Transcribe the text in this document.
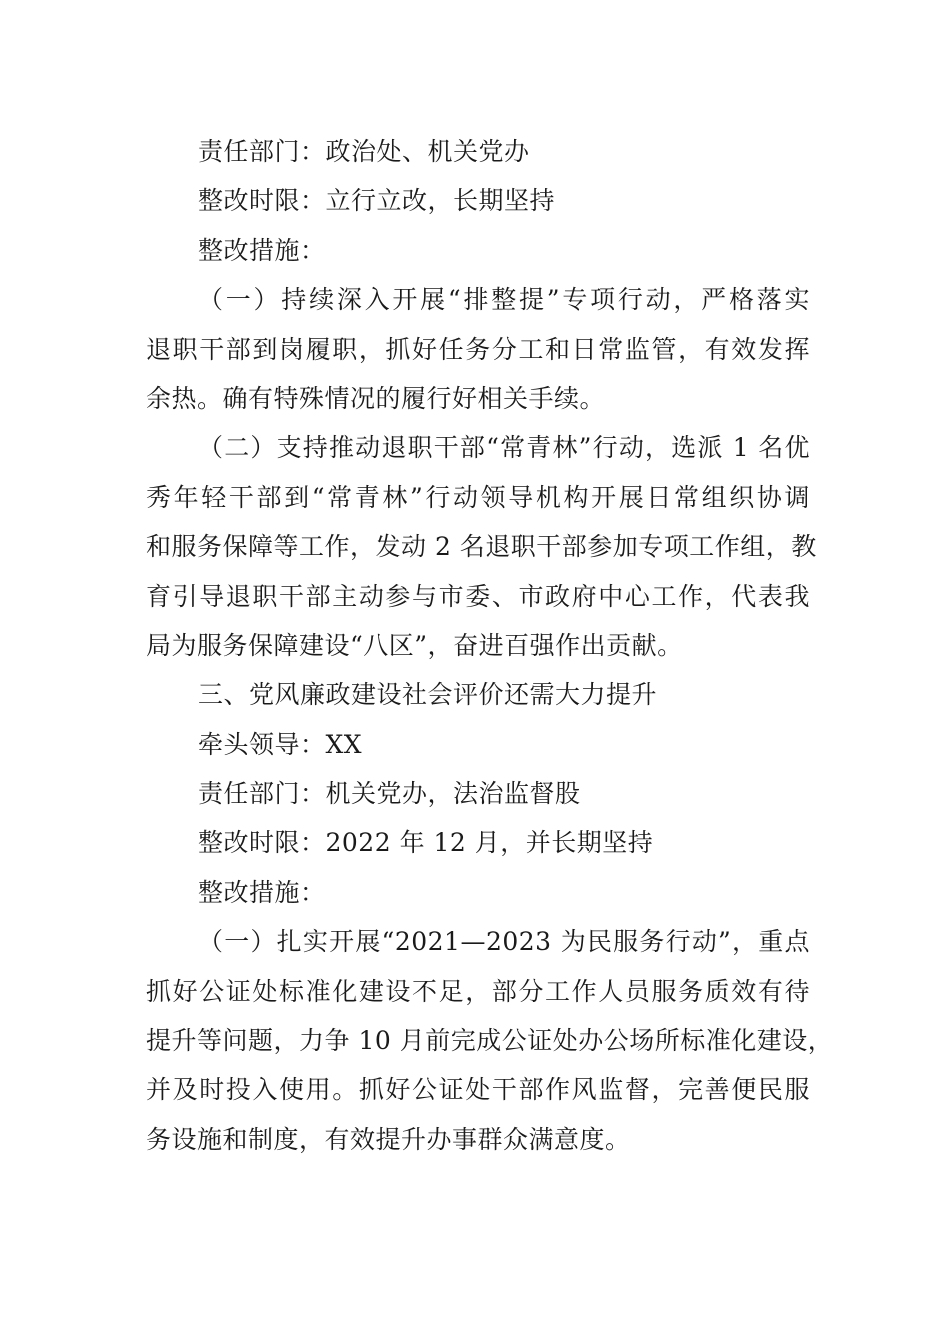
责任部门：政治处、机关党办
整改时限：立行立改，长期坚持
整改措施：
（一）持续深入开展“排整提”专项行动，严格落实
退职干部到岗履职，抓好任务分工和日常监管，有效发挥
余热。确有特殊情况的履行好相关手续。
（二）支持推动退职干部“常青林”行动，选派 1 名优
秀年轻干部到“常青林”行动领导机构开展日常组织协调
和服务保障等工作，发动 2 名退职干部参加专项工作组，教
育引导退职干部主动参与市委、市政府中心工作，代表我
局为服务保障建设“八区”，奋进百强作出贡献。
三、党风廉政建设社会评价还需大力提升
牵头领导：XX
责任部门：机关党办，法治监督股
整改时限：2022 年 12 月，并长期坚持
整改措施：
（一）扎实开展“2021—2023 为民服务行动”，重点
抓好公证处标准化建设不足，部分工作人员服务质效有待
提升等问题，力争 10 月前完成公证处办公场所标准化建设，
并及时投入使用。抓好公证处干部作风监督，完善便民服
务设施和制度，有效提升办事群众满意度。
